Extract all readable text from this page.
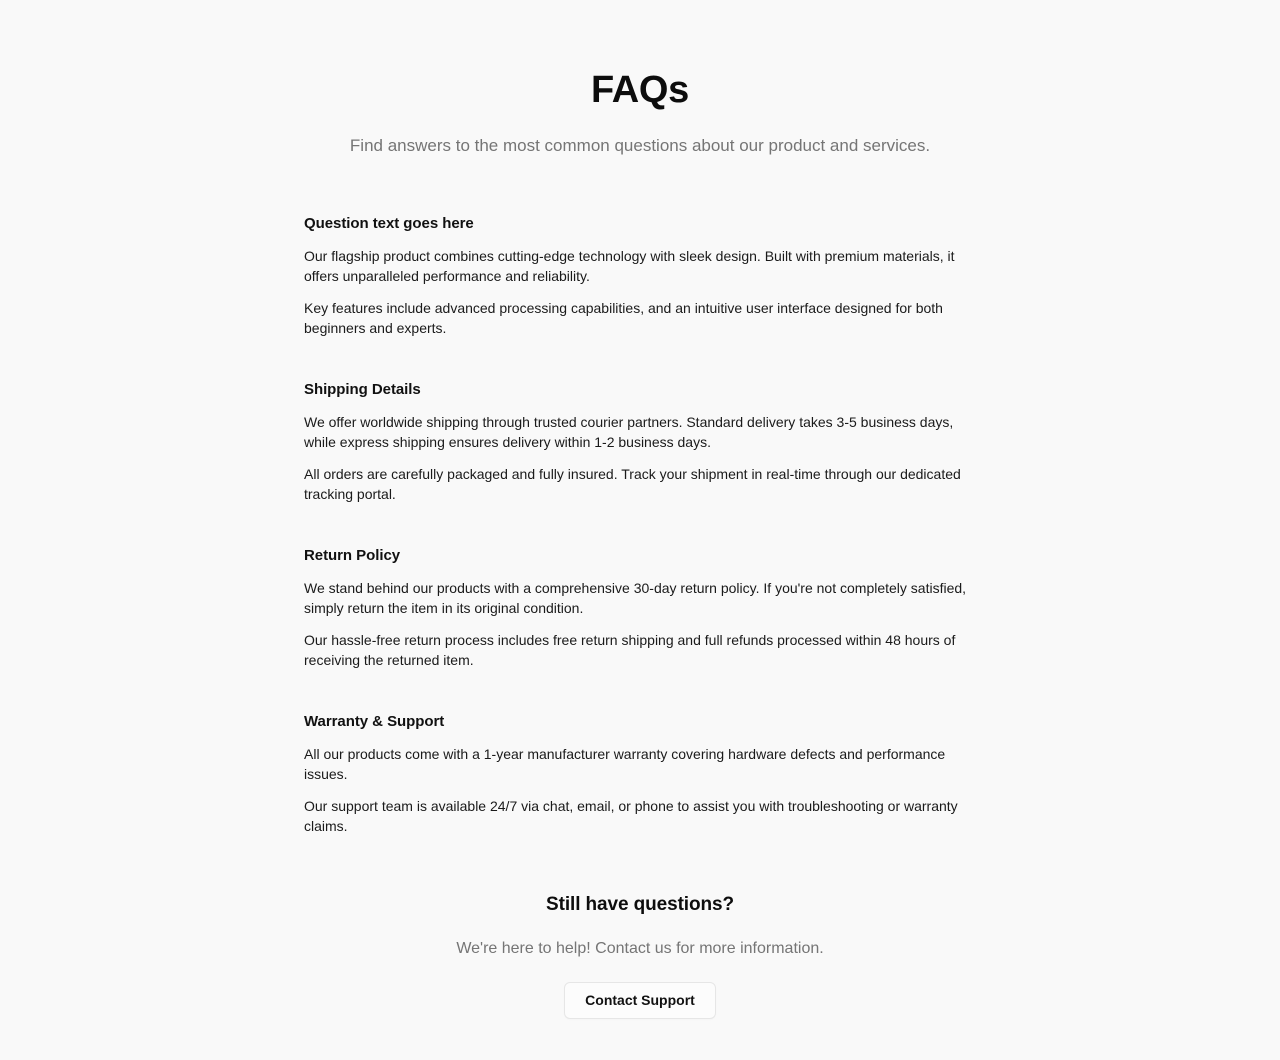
FAQs

Find answers to the most common questions about our product and services.

Question text goes here

Our flagship product combines cutting-edge technology with sleek design. Built with premium materials, it offers unparalleled performance and reliability.

Key features include advanced processing capabilities, and an intuitive user interface designed for both beginners and experts.

Shipping Details

We offer worldwide shipping through trusted courier partners. Standard delivery takes 3-5 business days, while express shipping ensures delivery within 1-2 business days.

All orders are carefully packaged and fully insured. Track your shipment in real-time through our dedicated tracking portal.

Return Policy

We stand behind our products with a comprehensive 30-day return policy. If you're not completely satisfied, simply return the item in its original condition.

Our hassle-free return process includes free return shipping and full refunds processed within 48 hours of receiving the returned item.

Warranty & Support

All our products come with a 1-year manufacturer warranty covering hardware defects and performance issues.

Our support team is available 24/7 via chat, email, or phone to assist you with troubleshooting or warranty claims.

Still have questions?

We're here to help! Contact us for more information.

Contact Support
